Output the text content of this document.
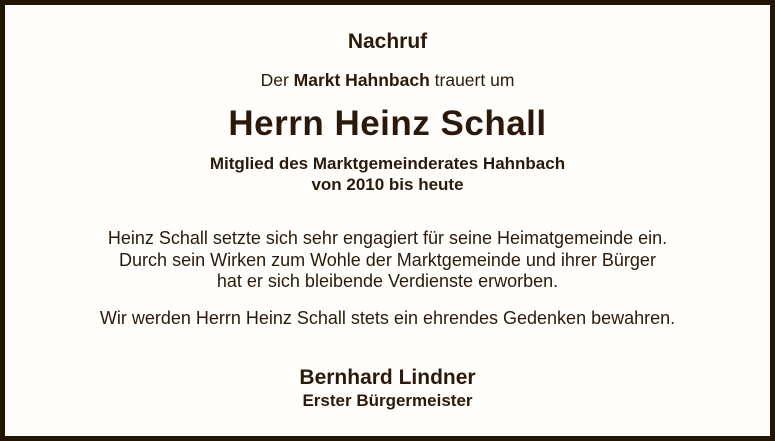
Nachruf
Der Markt Hahnbach trauert um
Herrn Heinz Schall
Mitglied des Marktgemeinderates Hahnbach
von 2010 bis heute
Heinz Schall setzte sich sehr engagiert für seine Heimatgemeinde ein.
Durch sein Wirken zum Wohle der Marktgemeinde und ihrer Bürger
hat er sich bleibende Verdienste erworben.
Wir werden Herrn Heinz Schall stets ein ehrendes Gedenken bewahren.
Bernhard Lindner
Erster Bürgermeister
